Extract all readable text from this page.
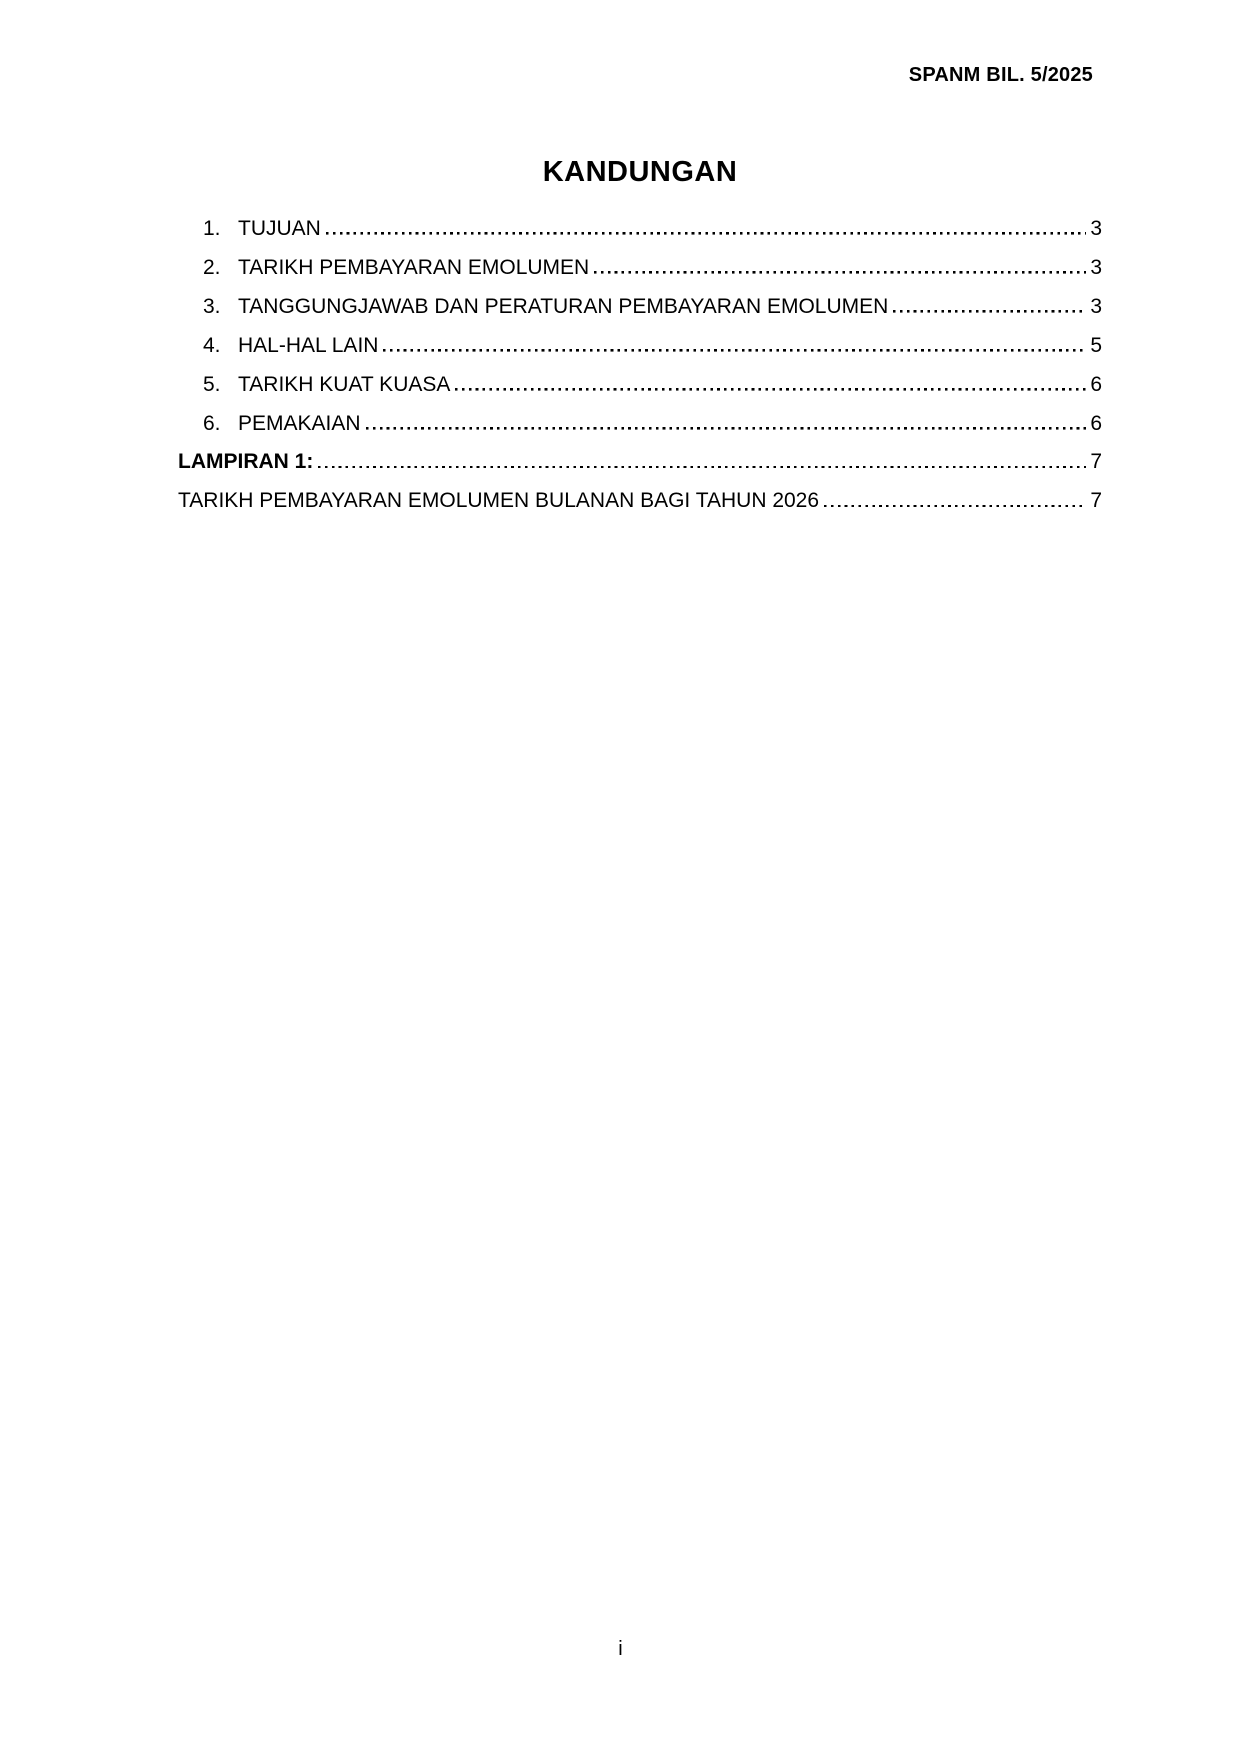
SPANM BIL. 5/2025
KANDUNGAN
1. TUJUAN	3
2. TARIKH PEMBAYARAN EMOLUMEN	3
3. TANGGUNGJAWAB DAN PERATURAN PEMBAYARAN EMOLUMEN	3
4. HAL-HAL LAIN	5
5. TARIKH KUAT KUASA	6
6. PEMAKAIAN	6
LAMPIRAN 1:	7
TARIKH PEMBAYARAN EMOLUMEN BULANAN BAGI TAHUN 2026	7
i
